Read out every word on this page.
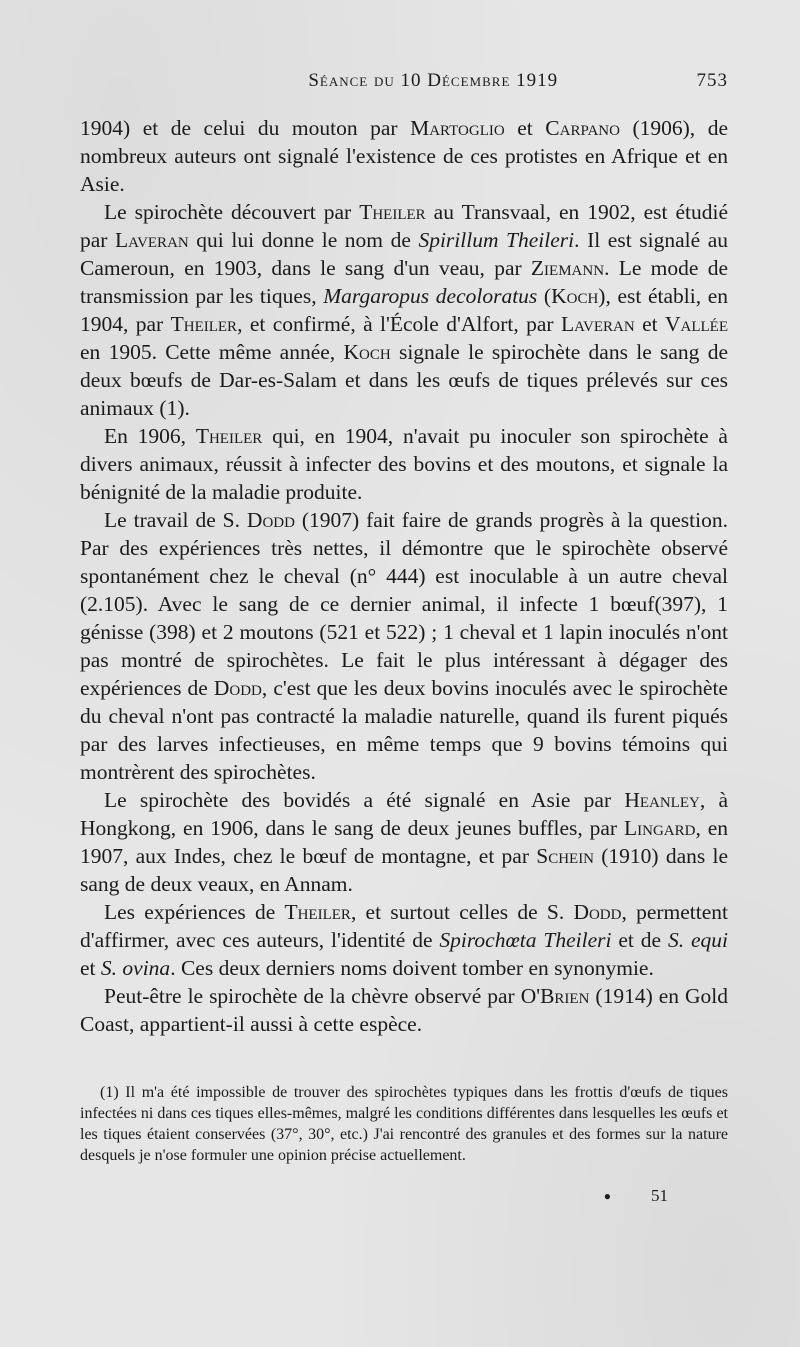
Séance du 10 Décembre 1919	753

1904) et de celui du mouton par Martoglio et Carpano (1906), de nombreux auteurs ont signalé l'existence de ces protistes en Afrique et en Asie.

Le spirochète découvert par Theiler au Transvaal, en 1902, est étudié par Laveran qui lui donne le nom de Spirillum Theileri. Il est signalé au Cameroun, en 1903, dans le sang d'un veau, par Ziemann. Le mode de transmission par les tiques, Margaropus decoloratus (Koch), est établi, en 1904, par Theiler, et confirmé, à l'École d'Alfort, par Laveran et Vallée en 1905. Cette même année, Koch signale le spirochète dans le sang de deux bœufs de Dar-es-Salam et dans les œufs de tiques prélevés sur ces animaux (1).

En 1906, Theiler qui, en 1904, n'avait pu inoculer son spirochète à divers animaux, réussit à infecter des bovins et des moutons, et signale la bénignité de la maladie produite.

Le travail de S. Dodd (1907) fait faire de grands progrès à la question. Par des expériences très nettes, il démontre que le spirochète observé spontanément chez le cheval (n° 444) est inoculable à un autre cheval (2.105). Avec le sang de ce dernier animal, il infecte 1 bœuf(397), 1 génisse (398) et 2 moutons (521 et 522) ; 1 cheval et 1 lapin inoculés n'ont pas montré de spirochètes. Le fait le plus intéressant à dégager des expériences de Dodd, c'est que les deux bovins inoculés avec le spirochète du cheval n'ont pas contracté la maladie naturelle, quand ils furent piqués par des larves infectieuses, en même temps que 9 bovins témoins qui montrèrent des spirochètes.

Le spirochète des bovidés a été signalé en Asie par Heanley, à Hongkong, en 1906, dans le sang de deux jeunes buffles, par Lingard, en 1907, aux Indes, chez le bœuf de montagne, et par Schein (1910) dans le sang de deux veaux, en Annam.

Les expériences de Theiler, et surtout celles de S. Dodd, permettent d'affirmer, avec ces auteurs, l'identité de Spirochœta Theileri et de S. equi et S. ovina. Ces deux derniers noms doivent tomber en synonymie.

Peut-être le spirochète de la chèvre observé par O'Brien (1914) en Gold Coast, appartient-il aussi à cette espèce.

(1) Il m'a été impossible de trouver des spirochètes typiques dans les frottis d'œufs de tiques infectées ni dans ces tiques elles-mêmes, malgré les conditions différentes dans lesquelles les œufs et les tiques étaient conservées (37°, 30°, etc.) J'ai rencontré des granules et des formes sur la nature desquels je n'ose formuler une opinion précise actuellement.

● 51
